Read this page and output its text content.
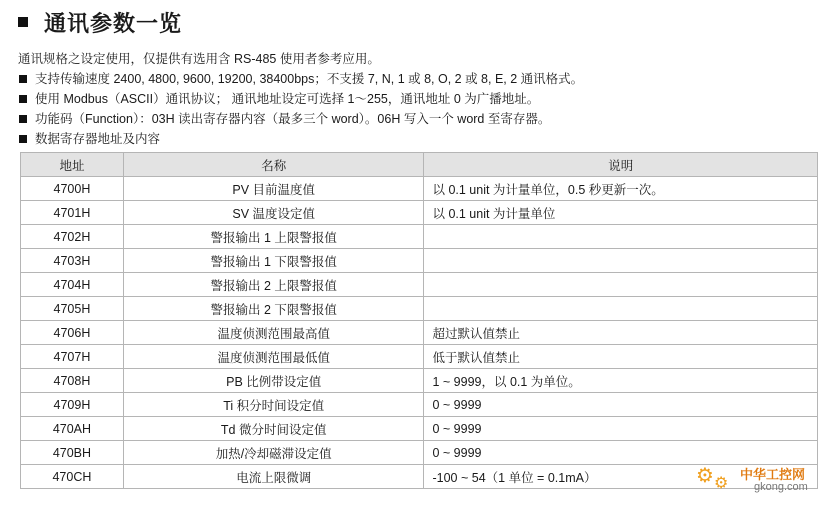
通讯参数一览
通讯规格之设定使用，仅提供有选用含 RS-485 使用者参考应用。
支持传输速度 2400, 4800, 9600, 19200, 38400bps；不支援 7, N, 1 或 8, O, 2 或 8, E, 2 通讯格式。
使用 Modbus（ASCII）通讯协议； 通讯地址设定可选择 1～255，通讯地址 0 为广播地址。
功能码（Function）：03H 读出寄存器内容（最多三个 word）。06H 写入一个 word 至寄存器。
数据寄存器地址及内容
地址	名称	说明
4700H	PV 目前温度值	以 0.1 unit 为计量单位，0.5 秒更新一次。
4701H	SV 温度设定值	以 0.1 unit 为计量单位
4702H	警报输出 1 上限警报值	
4703H	警报输出 1 下限警报值	
4704H	警报输出 2 上限警报值	
4705H	警报输出 2 下限警报值	
4706H	温度侦测范围最高值	超过默认值禁止
4707H	温度侦测范围最低值	低于默认值禁止
4708H	PB 比例带设定值	1 ~ 9999，以 0.1 为单位。
4709H	Ti 积分时间设定值	0 ~ 9999
470AH	Td 微分时间设定值	0 ~ 9999
470BH	加热/冷却磁滞设定值	0 ~ 9999
470CH	电流上限微调	-100 ~ 54（1 单位 = 0.1mA）	⚙ ⚙
中华工控网
gkong.com
